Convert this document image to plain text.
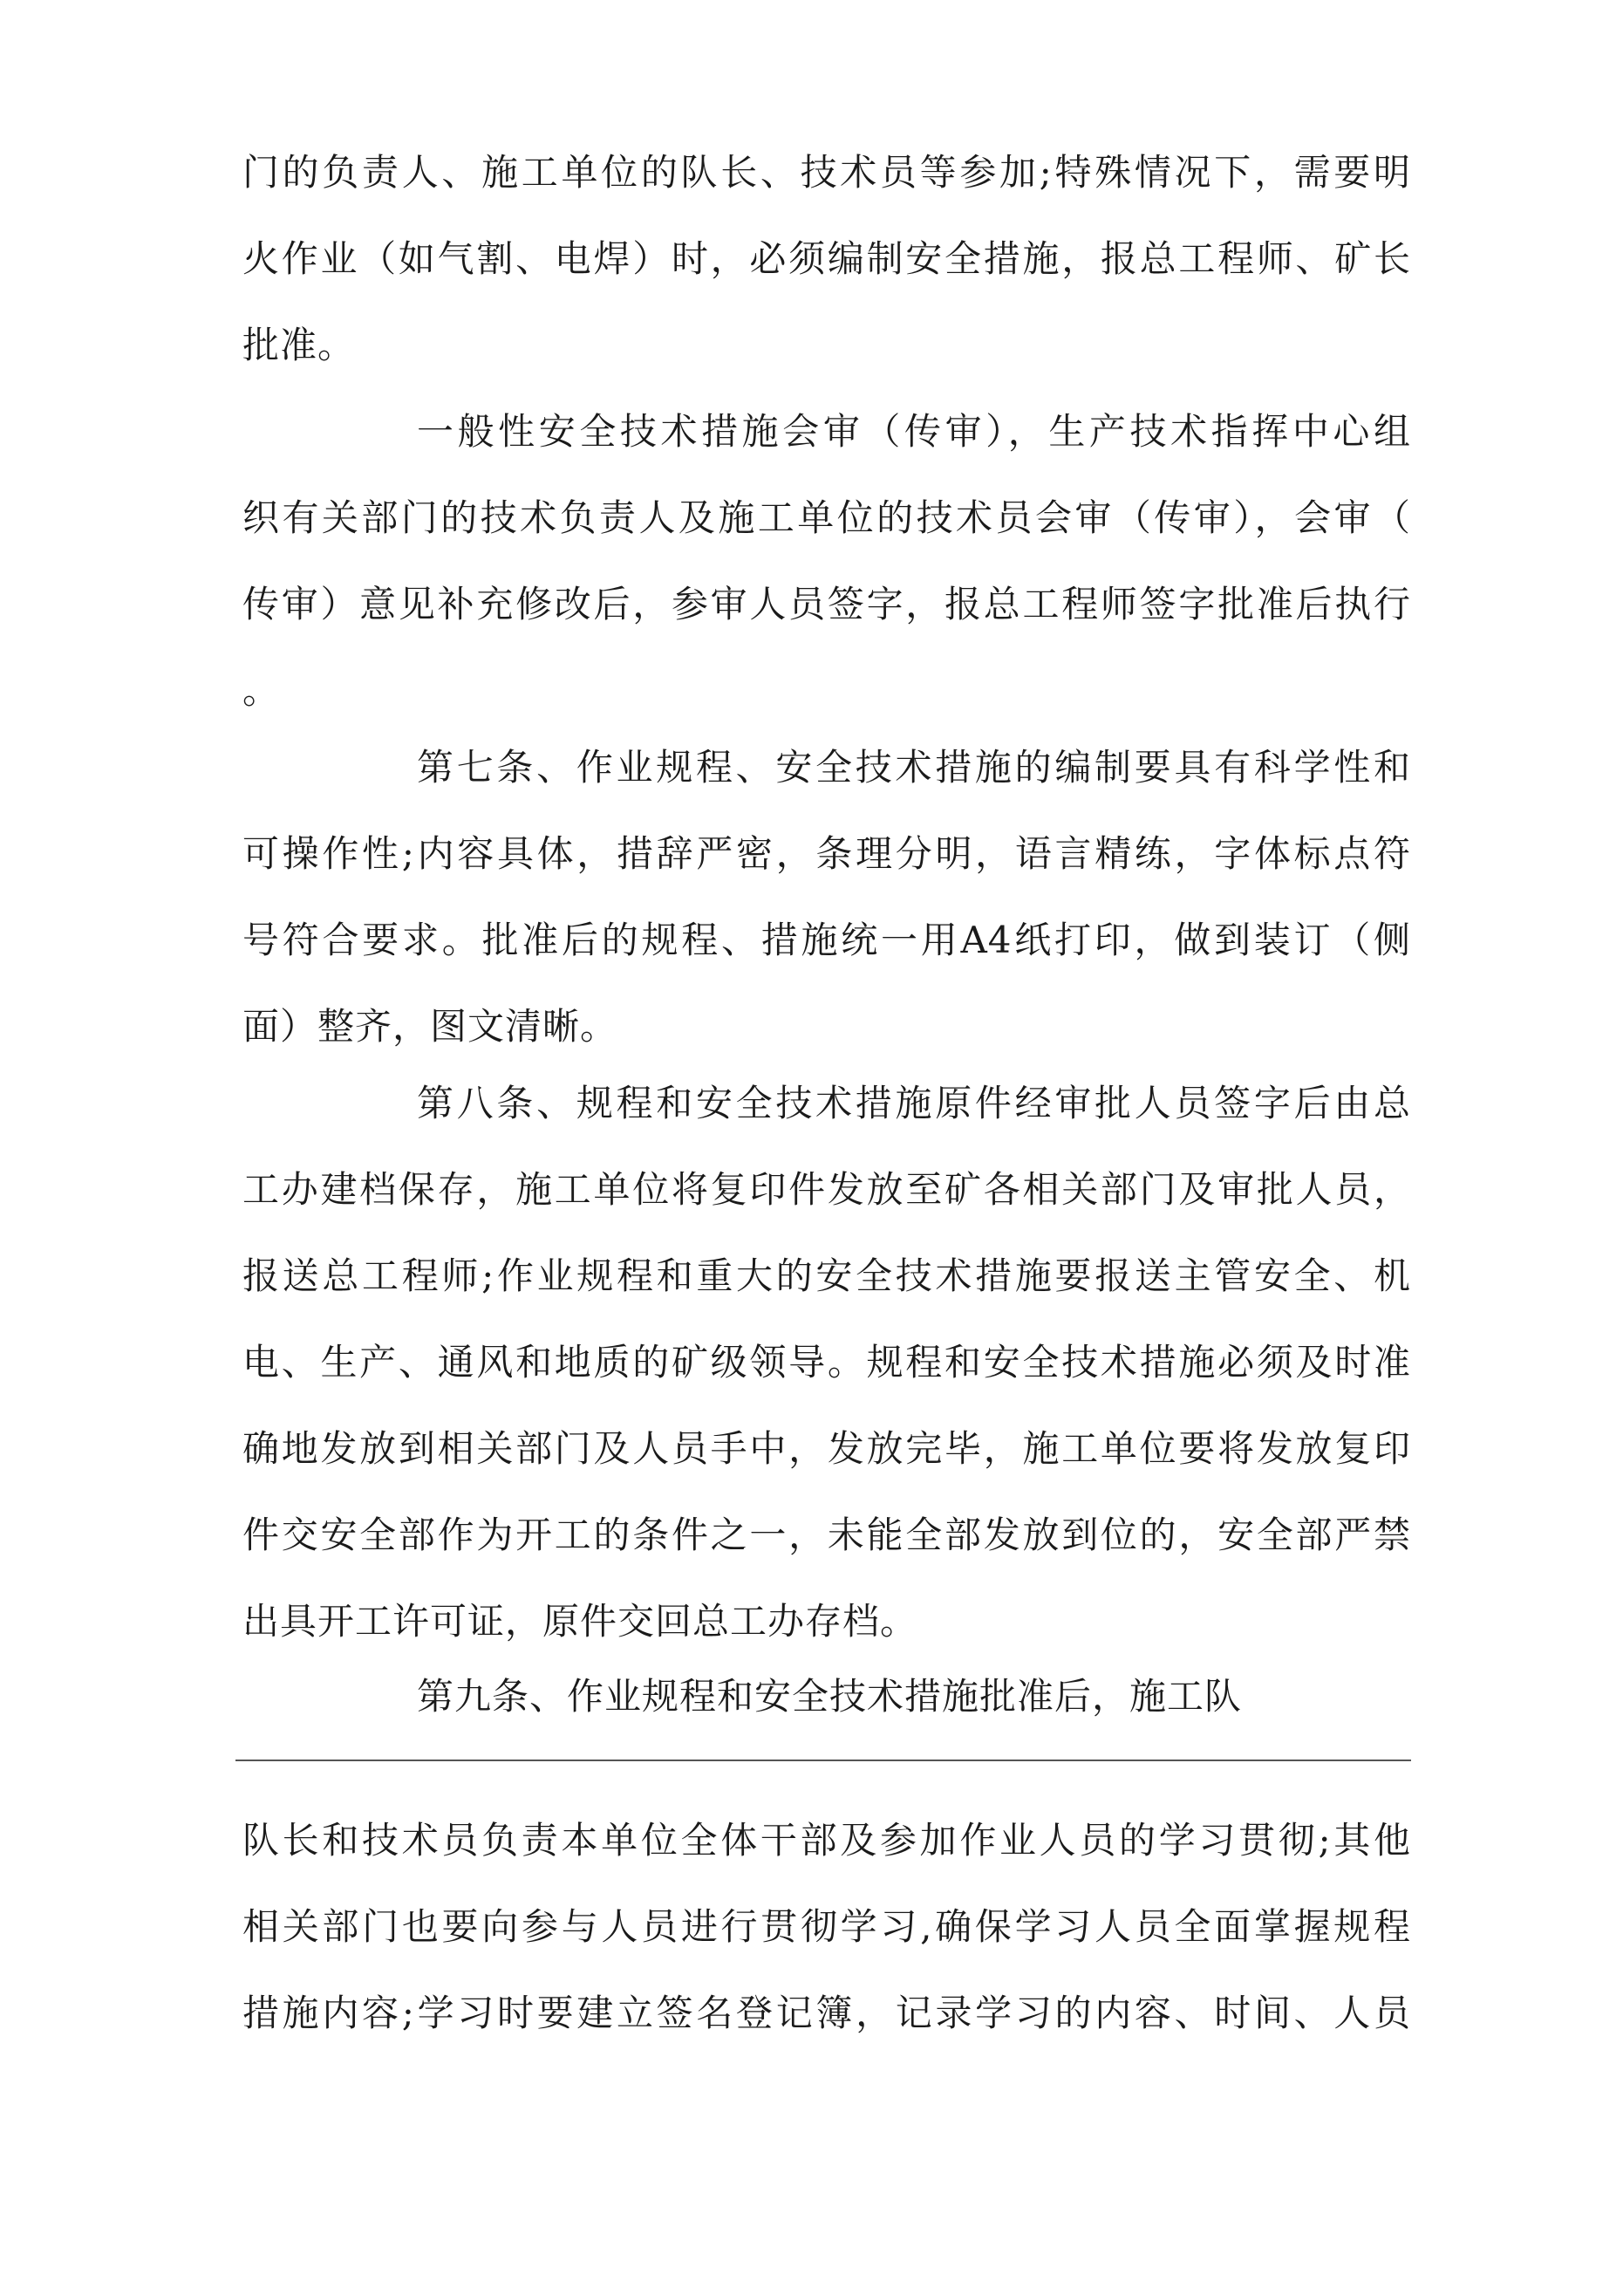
门的负责人、施工单位的队长、技术员等参加;特殊情况下，需要明
火作业（如气割、电焊）时，必须编制安全措施，报总工程师、矿长
批准。
一般性安全技术措施会审（传审），生产技术指挥中心组
织有关部门的技术负责人及施工单位的技术员会审（传审），会审（
传审）意见补充修改后，参审人员签字，报总工程师签字批准后执行
。
第七条、作业规程、安全技术措施的编制要具有科学性和
可操作性;内容具体，措辞严密，条理分明，语言精练，字体标点符
号符合要求。批准后的规程、措施统一用A4纸打印，做到装订（侧
面）整齐，图文清晰。
第八条、规程和安全技术措施原件经审批人员签字后由总
工办建档保存，施工单位将复印件发放至矿各相关部门及审批人员，
报送总工程师;作业规程和重大的安全技术措施要报送主管安全、机
电、生产、通风和地质的矿级领导。规程和安全技术措施必须及时准
确地发放到相关部门及人员手中，发放完毕，施工单位要将发放复印
件交安全部作为开工的条件之一，未能全部发放到位的，安全部严禁
出具开工许可证，原件交回总工办存档。
第九条、作业规程和安全技术措施批准后，施工队
队长和技术员负责本单位全体干部及参加作业人员的学习贯彻;其他
相关部门也要向参与人员进行贯彻学习,确保学习人员全面掌握规程
措施内容;学习时要建立签名登记簿，记录学习的内容、时间、人员
